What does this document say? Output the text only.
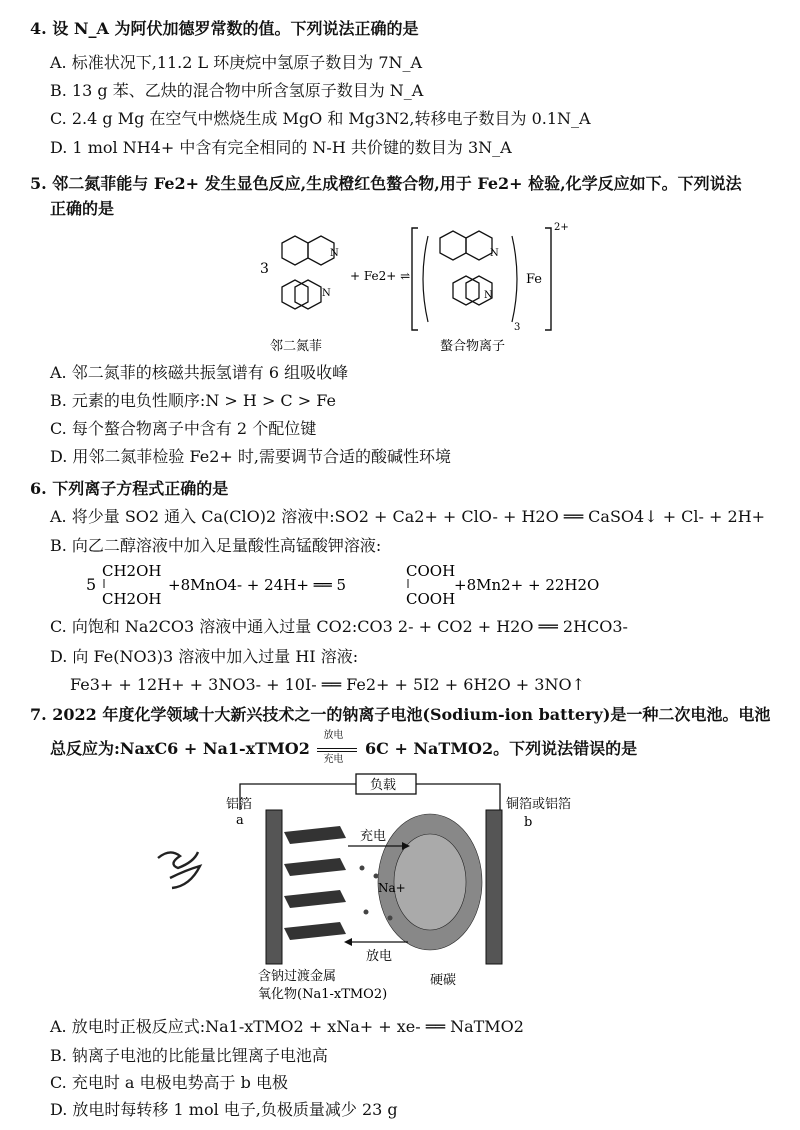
4. 设 N_A 为阿伏加德罗常数的值。下列说法正确的是
A. 标准状况下,11.2 L 环庚烷中氢原子数目为 7N_A
B. 13 g 苯、乙炔的混合物中所含氢原子数目为 N_A
C. 2.4 g Mg 在空气中燃烧生成 MgO 和 Mg3N2,转移电子数目为 0.1N_A
D. 1 mol NH4+ 中含有完全相同的 N-H 共价键的数目为 3N_A
5. 邻二氮菲能与 Fe2+ 发生显色反应,生成橙红色螯合物,用于 Fe2+ 检验,化学反应如下。下列说法
正确的是
3
N
N
+ Fe2+ ⇌
N
N
Fe
3
2+
邻二氮菲	螯合物离子
A. 邻二氮菲的核磁共振氢谱有 6 组吸收峰
B. 元素的电负性顺序:N > H > C > Fe
C. 每个螯合物离子中含有 2 个配位键
D. 用邻二氮菲检验 Fe2+ 时,需要调节合适的酸碱性环境
6. 下列离子方程式正确的是
A. 将少量 SO2 通入 Ca(ClO)2 溶液中:SO2 + Ca2+ + ClO- + H2O ══ CaSO4↓ + Cl- + 2H+
B. 向乙二醇溶液中加入足量酸性高锰酸钾溶液:
5
CH2OH
CH2OH
+8MnO4- + 24H+ ══ 5
COOH
COOH
+8Mn2+ + 22H2O
C. 向饱和 Na2CO3 溶液中通入过量 CO2:CO3 2- + CO2 + H2O ══ 2HCO3-
D. 向 Fe(NO3)3 溶液中加入过量 HI 溶液:
Fe3+ + 12H+ + 3NO3- + 10I- ══ Fe2+ + 5I2 + 6H2O + 3NO↑
7. 2022 年度化学领域十大新兴技术之一的钠离子电池(Sodium-ion battery)是一种二次电池。电池
总反应为:NaxC6 + Na1-xTMO2
放电
充电
6C + NaTMO2。下列说法错误的是
负载
铝箔
a
铜箔或铝箔
b
充电
放电
Na+
含钠过渡金属
氧化物(Na1-xTMO2)
硬碳
A. 放电时正极反应式:Na1-xTMO2 + xNa+ + xe- ══ NaTMO2
B. 钠离子电池的比能量比锂离子电池高
C. 充电时 a 电极电势高于 b 电极
D. 放电时每转移 1 mol 电子,负极质量减少 23 g
